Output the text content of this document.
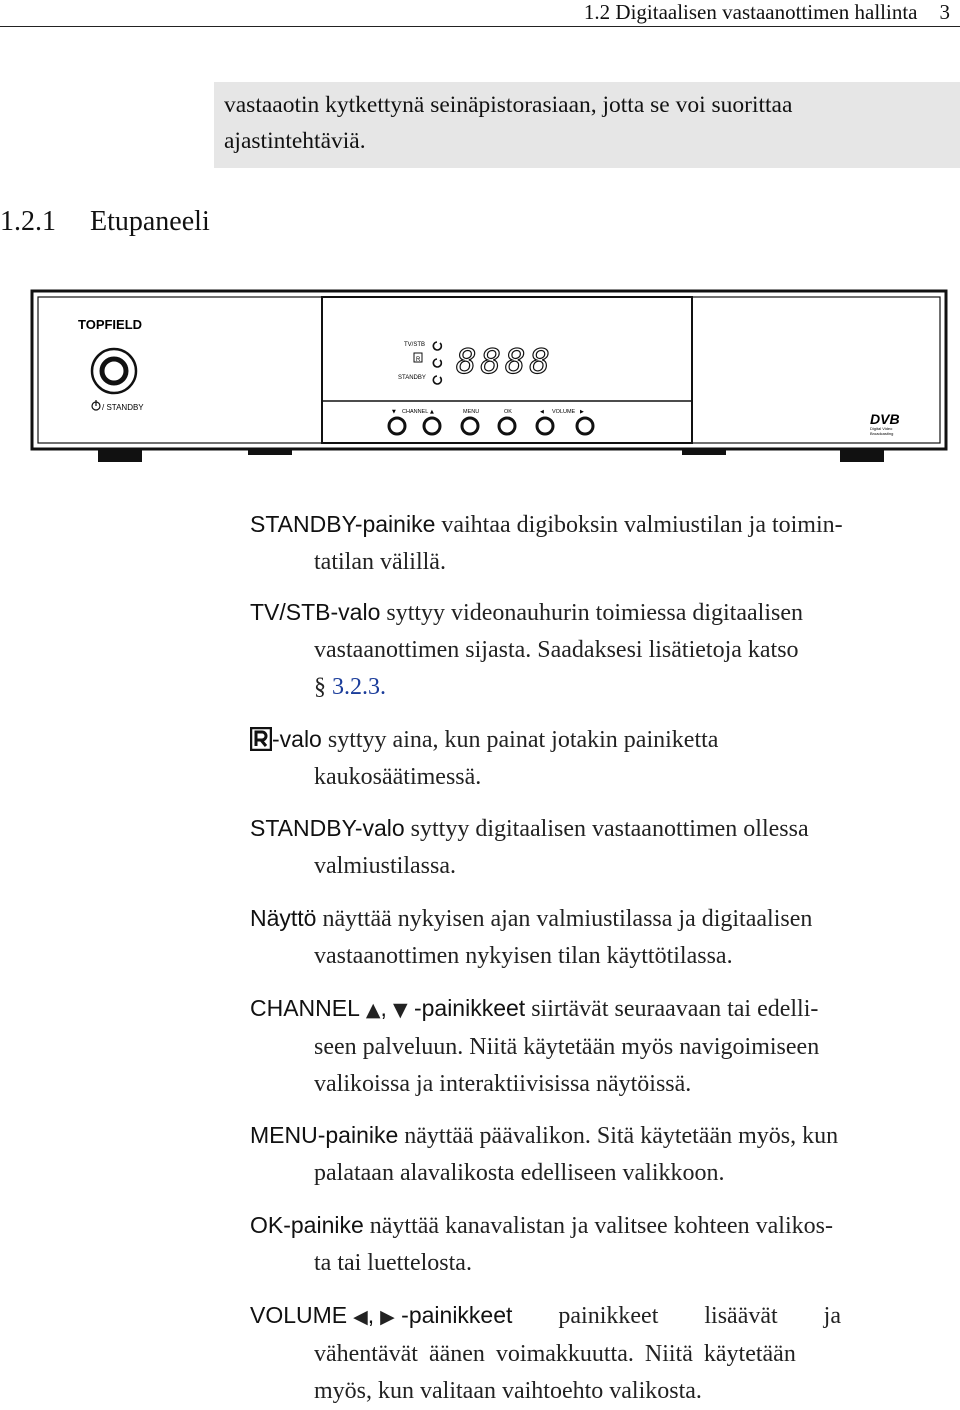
1.2 Digitaalisen vastaanottimen hallinta 3
vastaaotin kytkettynä seinäpistorasiaan, jotta se voi suorittaa
ajastintehtäviä.
1.2.1 Etupaneeli
TOPFIELD
/ STANDBY
TV/STB
R
STANDBY 8888
▼ CHANNEL ▲	MENU	OK	◀ VOLUME ▶	DVB
Digital Video
Broadcasting
STANDBY-painike vaihtaa digiboksin valmiustilan ja toimin-
tatilan välillä.
TV/STB-valo syttyy videonauhurin toimiessa digitaalisen
vastaanottimen sijasta. Saadaksesi lisätietoja katso
§ 3.2.3.
-valo syttyy aina, kun painat jotakin painiketta
kaukosäätimessä.
STANDBY-valo syttyy digitaalisen vastaanottimen ollessa
valmiustilassa.
Näyttö näyttää nykyisen ajan valmiustilassa ja digitaalisen
vastaanottimen nykyisen tilan käyttötilassa.
CHANNEL ▲, ▼ -painikkeet siirtävät seuraavaan tai edelli-
seen palveluun. Niitä käytetään myös navigoimiseen
valikoissa ja interaktiivisissa näytöissä.
MENU-painike näyttää päävalikon. Sitä käytetään myös, kun
palataan alavalikosta edelliseen valikkoon.
OK-painike näyttää kanavalistan ja valitsee kohteen valikos-
ta tai luettelosta.
VOLUME ◀, ▶ -painikkeet painikkeet lisäävät ja
vähentävät äänen voimakkuutta. Niitä käytetään
myös, kun valitaan vaihtoehto valikosta.
